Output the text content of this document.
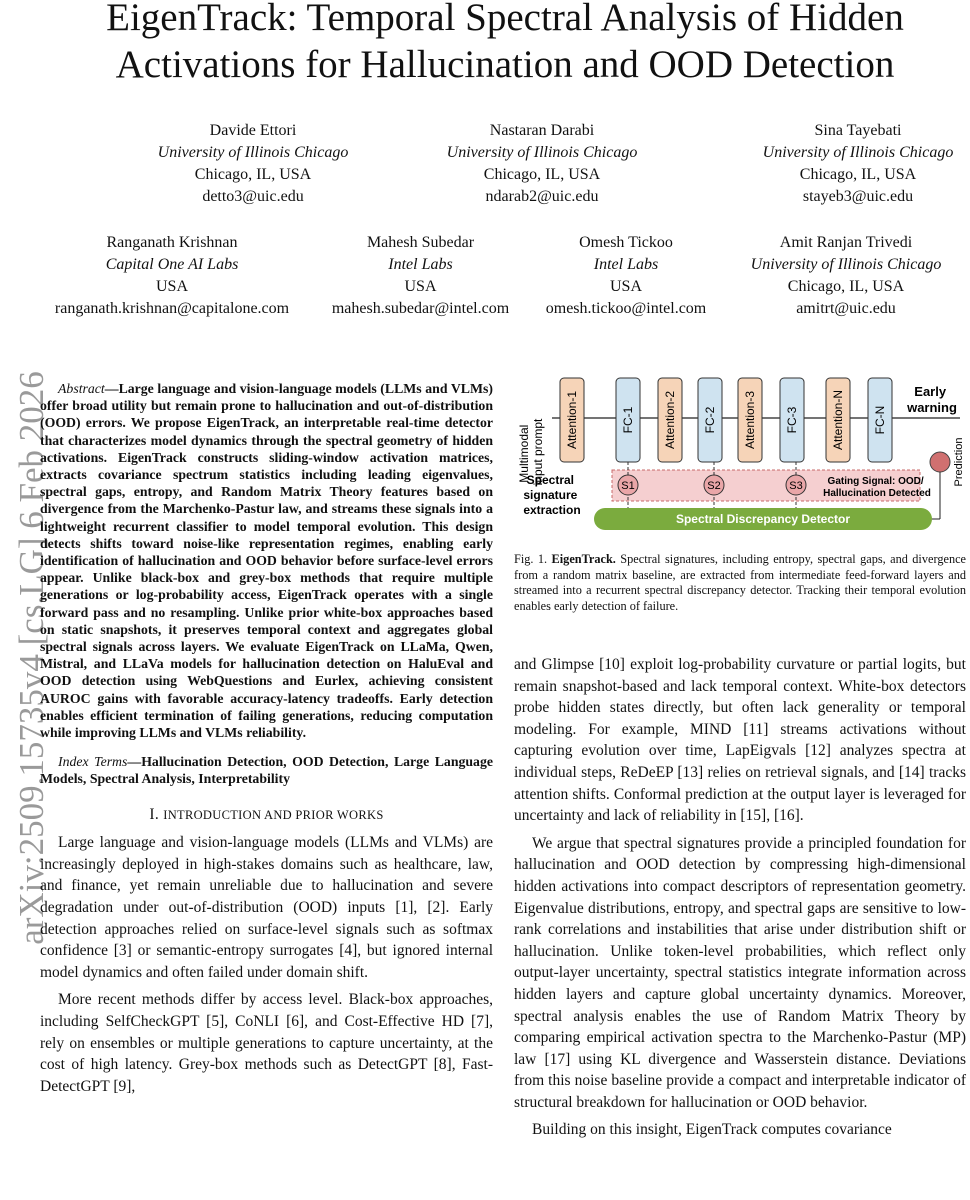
arXiv:2509.15735v4 [cs.LG] 6 Feb 2026
EigenTrack: Temporal Spectral Analysis of Hidden
Activations for Hallucination and OOD Detection
Davide Ettori
University of Illinois Chicago
Chicago, IL, USA
detto3@uic.edu
Nastaran Darabi
University of Illinois Chicago
Chicago, IL, USA
ndarab2@uic.edu
Sina Tayebati
University of Illinois Chicago
Chicago, IL, USA
stayeb3@uic.edu
Ranganath Krishnan
Capital One AI Labs
USA
ranganath.krishnan@capitalone.com
Mahesh Subedar
Intel Labs
USA
mahesh.subedar@intel.com
Omesh Tickoo
Intel Labs
USA
omesh.tickoo@intel.com
Amit Ranjan Trivedi
University of Illinois Chicago
Chicago, IL, USA
amitrt@uic.edu

Abstract—Large language and vision-language models (LLMs and VLMs) offer broad utility but remain prone to hallucination and out-of-distribution (OOD) errors. We propose EigenTrack, an interpretable real-time detector that characterizes model dynamics through the spectral geometry of hidden activations. EigenTrack constructs sliding-window activation matrices, extracts covariance spectrum statistics including leading eigenvalues, spectral gaps, entropy, and Random Matrix Theory features based on divergence from the Marchenko-Pastur law, and streams these signals into a lightweight recurrent classifier to model temporal evolution. This design detects shifts toward noise-like representation regimes, enabling early identification of hallucination and OOD behavior before surface-level errors appear. Unlike black-box and grey-box methods that require multiple generations or log-probability access, EigenTrack operates with a single forward pass and no resampling. Unlike prior white-box approaches based on static snapshots, it preserves temporal context and aggregates global spectral signals across layers. We evaluate EigenTrack on LLaMa, Qwen, Mistral, and LLaVa models for hallucination detection on HaluEval and OOD detection using WebQuestions and Eurlex, achieving consistent AUROC gains with favorable accuracy-latency tradeoffs. Early detection enables efficient termination of failing generations, reducing computation while improving LLMs and VLMs reliability.

Index Terms—Hallucination Detection, OOD Detection, Large Language Models, Spectral Analysis, Interpretability

I. INTRODUCTION AND PRIOR WORKS

Large language and vision-language models (LLMs and VLMs) are increasingly deployed in high-stakes domains such as healthcare, law, and finance, yet remain unreliable due to hallucination and severe degradation under out-of-distribution (OOD) inputs [1], [2]. Early detection approaches relied on surface-level signals such as softmax confidence [3] or semantic-entropy surrogates [4], but ignored internal model dynamics and often failed under domain shift.

More recent methods differ by access level. Black-box approaches, including SelfCheckGPT [5], CoNLI [6], and Cost-Effective HD [7], rely on ensembles or multiple generations to capture uncertainty, at the cost of high latency. Grey-box methods such as DetectGPT [8], Fast-DetectGPT [9],

Multimodal input prompt Attention-1	FC-1 Attention-2 FC-2 Attention-3 FC-3	Attention-N FC-N
S1	S2	S3
Spectral Discrepancy Detector
Spectral signature extraction
Early warning
Prediction
Gating Signal: OOD/ Hallucination Detected
Fig. 1. EigenTrack. Spectral signatures, including entropy, spectral gaps, and divergence from a random matrix baseline, are extracted from intermediate feed-forward layers and streamed into a recurrent spectral discrepancy detector. Tracking their temporal evolution enables early detection of failure.

and Glimpse [10] exploit log-probability curvature or partial logits, but remain snapshot-based and lack temporal context. White-box detectors probe hidden states directly, but often lack generality or temporal modeling. For example, MIND [11] streams activations without capturing evolution over time, LapEigvals [12] analyzes spectra at individual steps, ReDeEP [13] relies on retrieval signals, and [14] tracks attention shifts. Conformal prediction at the output layer is leveraged for uncertainty and lack of reliability in [15], [16].

We argue that spectral signatures provide a principled foundation for hallucination and OOD detection by compressing high-dimensional hidden activations into compact descriptors of representation geometry. Eigenvalue distributions, entropy, and spectral gaps are sensitive to low-rank correlations and instabilities that arise under distribution shift or hallucination. Unlike token-level probabilities, which reflect only output-layer uncertainty, spectral statistics integrate information across hidden layers and capture global uncertainty dynamics. Moreover, spectral analysis enables the use of Random Matrix Theory by comparing empirical activation spectra to the Marchenko-Pastur (MP) law [17] using KL divergence and Wasserstein distance. Deviations from this noise baseline provide a compact and interpretable indicator of structural breakdown for hallucination or OOD behavior.

Building on this insight, EigenTrack computes covariance
